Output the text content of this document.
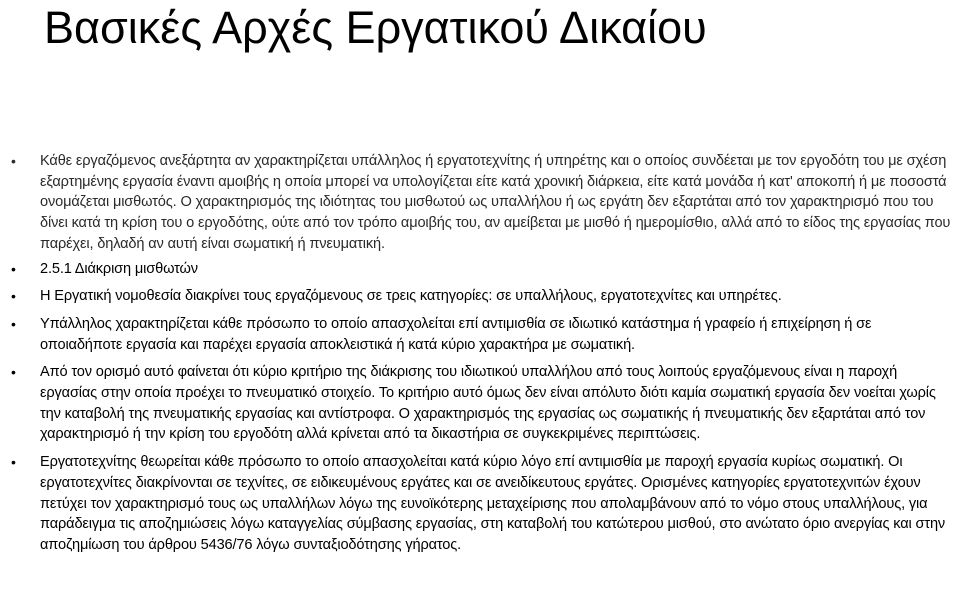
Βασικές Αρχές Εργατικού Δικαίου
• Κάθε εργαζόμενος ανεξάρτητα αν χαρακτηρίζεται υπάλληλος ή εργατοτεχνίτης ή υπηρέτης και ο οποίος συνδέεται με τον εργοδότη του με σχέση εξαρτημένης εργασία έναντι αμοιβής η οποία μπορεί να υπολογίζεται είτε κατά χρονική διάρκεια, είτε κατά μονάδα ή κατ' αποκοπή ή με ποσοστά ονομάζεται μισθωτός. Ο χαρακτηρισμός της ιδιότητας του μισθωτού ως υπαλλήλου ή ως εργάτη δεν εξαρτάται από τον χαρακτηρισμό που του δίνει κατά τη κρίση του ο εργοδότης, ούτε από τον τρόπο αμοιβής του, αν αμείβεται με μισθό ή ημερομίσθιο, αλλά από το είδος της εργασίας που παρέχει, δηλαδή αν αυτή είναι σωματική ή πνευματική.
• 2.5.1 Διάκριση μισθωτών
• Η Εργατική νομοθεσία διακρίνει τους εργαζόμενους σε τρεις κατηγορίες: σε υπαλλήλους, εργατοτεχνίτες και υπηρέτες.
• Υπάλληλος χαρακτηρίζεται κάθε πρόσωπο το οποίο απασχολείται επί αντιμισθία σε ιδιωτικό κατάστημα ή γραφείο ή επιχείρηση ή σε οποιαδήποτε εργασία και παρέχει εργασία αποκλειστικά ή κατά κύριο χαρακτήρα με σωματική.
• Από τον ορισμό αυτό φαίνεται ότι κύριο κριτήριο της διάκρισης του ιδιωτικού υπαλλήλου από τους λοιπούς εργαζόμενους είναι η παροχή εργασίας στην οποία προέχει το πνευματικό στοιχείο. Το κριτήριο αυτό όμως δεν είναι απόλυτο διότι καμία σωματική εργασία δεν νοείται χωρίς την καταβολή της πνευματικής εργασίας και αντίστροφα. Ο χαρακτηρισμός της εργασίας ως σωματικής ή πνευματικής δεν εξαρτάται από τον χαρακτηρισμό ή την κρίση του εργοδότη αλλά κρίνεται από τα δικαστήρια σε συγκεκριμένες περιπτώσεις.
• Εργατοτεχνίτης θεωρείται κάθε πρόσωπο το οποίο απασχολείται κατά κύριο λόγο επί αντιμισθία με παροχή εργασία κυρίως σωματική. Οι εργατοτεχνίτες διακρίνονται σε τεχνίτες, σε ειδικευμένους εργάτες και σε ανειδίκευτους εργάτες. Ορισμένες κατηγορίες εργατοτεχνιτών έχουν πετύχει τον χαρακτηρισμό τους ως υπαλλήλων λόγω της ευνοϊκότερης μεταχείρισης που απολαμβάνουν από το νόμο στους υπαλλήλους, για παράδειγμα τις αποζημιώσεις λόγω καταγγελίας σύμβασης εργασίας, στη καταβολή του κατώτερου μισθού, στο ανώτατο όριο ανεργίας και στην αποζημίωση του άρθρου 5436/76 λόγω συνταξιοδότησης γήρατος.
